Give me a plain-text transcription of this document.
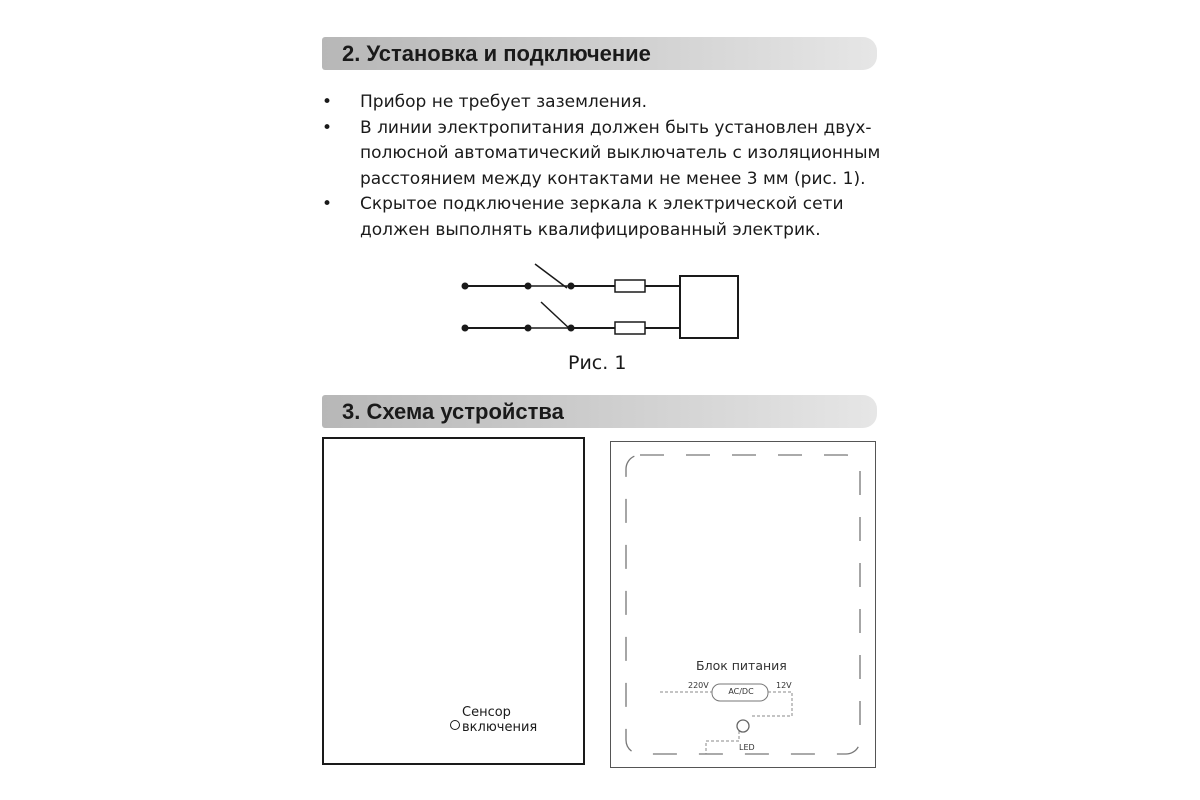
2. Установка и подключение
• Прибор не требует заземления.
• В линии электропитания должен быть установлен двух-
полюсной автоматический выключатель с изоляционным
расстоянием между контактами не менее 3 мм (рис. 1).
• Скрытое подключение зеркала к электрической сети
должен выполнять квалифицированный электрик.
Рис. 1
3. Схема устройства
Сенсор включения
Блок питания
220V	12V
AC/DC
LED
